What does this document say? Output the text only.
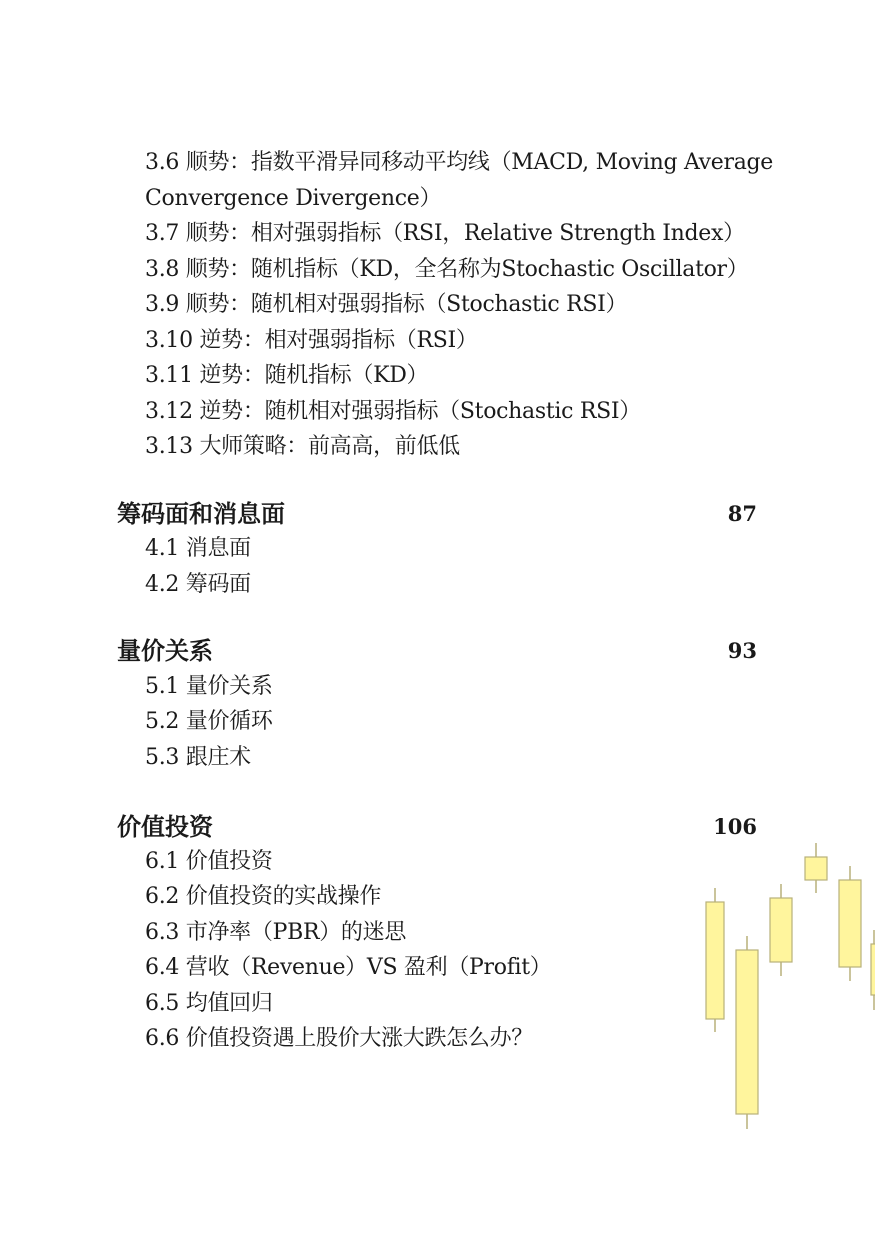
3.6 顺势：指数平滑异同移动平均线（MACD, Moving Average
Convergence Divergence）
3.7 顺势：相对强弱指标（RSI，Relative Strength Index）
3.8 顺势：随机指标（KD，全名称为Stochastic Oscillator）
3.9 顺势：随机相对强弱指标（Stochastic RSI）
3.10 逆势：相对强弱指标（RSI）
3.11 逆势：随机指标（KD）
3.12 逆势：随机相对强弱指标（Stochastic RSI）
3.13 大师策略：前高高，前低低
筹码面和消息面	87
4.1 消息面
4.2 筹码面
量价关系	93
5.1 量价关系
5.2 量价循环
5.3 跟庄术
价值投资	106
6.1 价值投资
6.2 价值投资的实战操作
6.3 市净率（PBR）的迷思
6.4 营收（Revenue）VS 盈利（Profit）
6.5 均值回归
6.6 价值投资遇上股价大涨大跌怎么办？
